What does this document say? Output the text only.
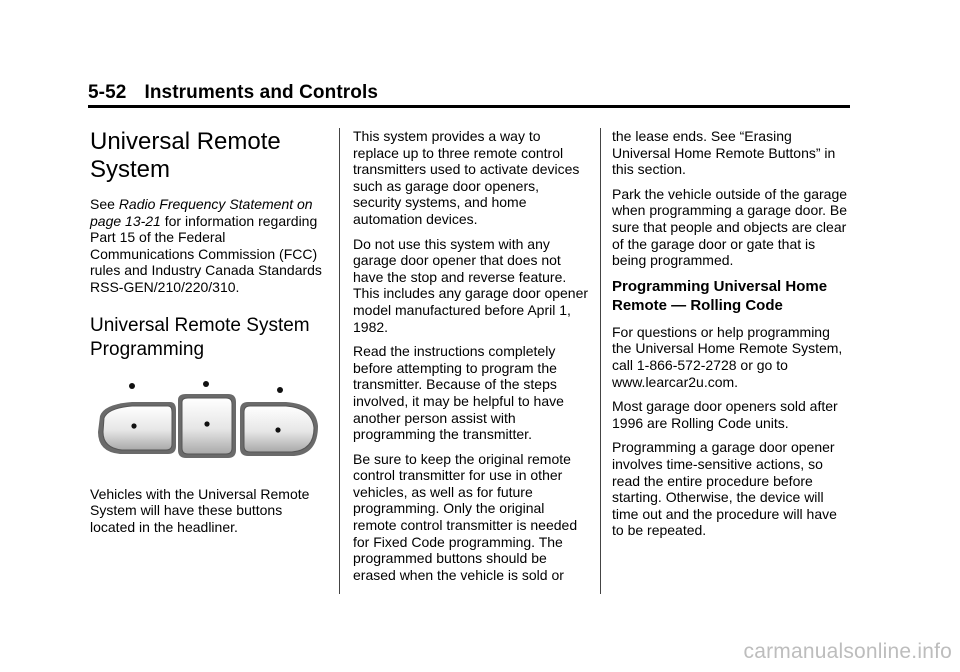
5-52 Instruments and Controls
Universal Remote System

See Radio Frequency Statement on page 13-21 for information regarding Part 15 of the Federal Communications Commission (FCC) rules and Industry Canada Standards RSS-GEN/210/220/310.

Universal Remote System Programming

Vehicles with the Universal Remote System will have these buttons located in the headliner.

This system provides a way to replace up to three remote control transmitters used to activate devices such as garage door openers, security systems, and home automation devices.

Do not use this system with any garage door opener that does not have the stop and reverse feature. This includes any garage door opener model manufactured before April 1, 1982.

Read the instructions completely before attempting to program the transmitter. Because of the steps involved, it may be helpful to have another person assist with programming the transmitter.

Be sure to keep the original remote control transmitter for use in other vehicles, as well as for future programming. Only the original remote control transmitter is needed for Fixed Code programming. The programmed buttons should be erased when the vehicle is sold or

the lease ends. See “Erasing Universal Home Remote Buttons” in this section.

Park the vehicle outside of the garage when programming a garage door. Be sure that people and objects are clear of the garage door or gate that is being programmed.

Programming Universal Home Remote — Rolling Code

For questions or help programming the Universal Home Remote System, call 1-866-572-2728 or go to www.learcar2u.com.

Most garage door openers sold after 1996 are Rolling Code units.

Programming a garage door opener involves time-sensitive actions, so read the entire procedure before starting. Otherwise, the device will time out and the procedure will have to be repeated.

carmanualsonline.info
